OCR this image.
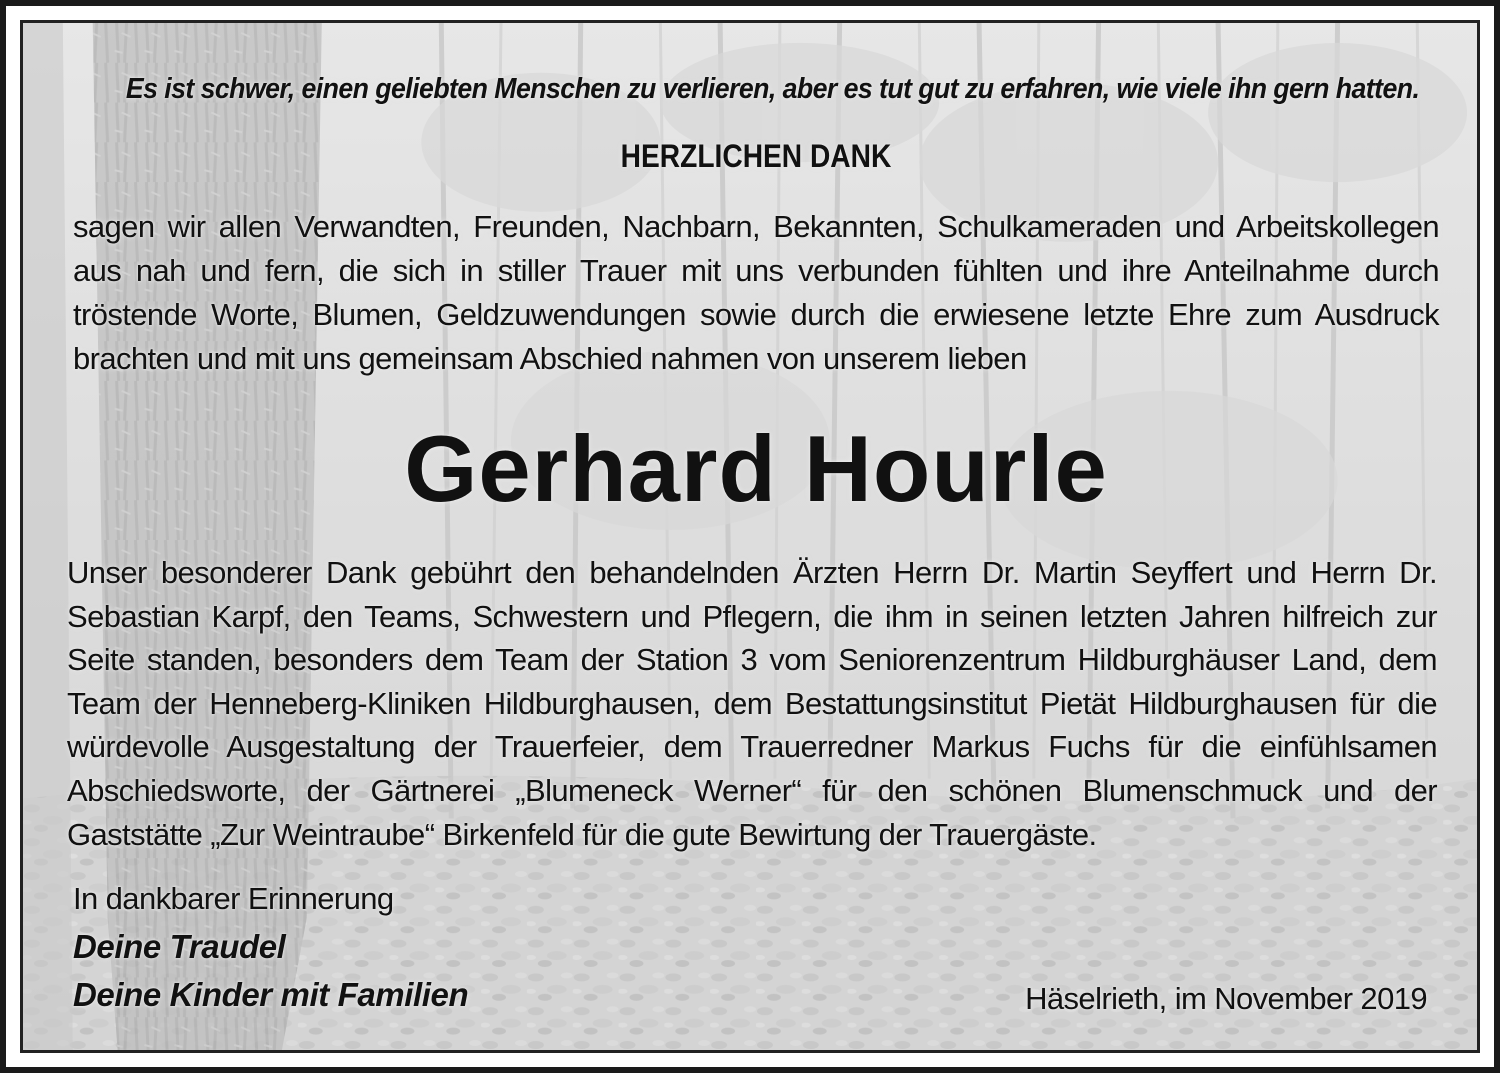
Es ist schwer, einen geliebten Menschen zu verlieren, aber es tut gut zu erfahren, wie viele ihn gern hatten.
HERZLICHEN DANK
sagen wir allen Verwandten, Freunden, Nachbarn, Bekannten, Schulkameraden und Arbeitskollegen aus nah und fern, die sich in stiller Trauer mit uns verbunden fühlten und ihre Anteilnahme durch tröstende Worte, Blumen, Geldzuwendungen sowie durch die erwiesene letzte Ehre zum Ausdruck brachten und mit uns gemeinsam Abschied nahmen von unserem lieben
Gerhard Hourle
Unser besonderer Dank gebührt den behandelnden Ärzten Herrn Dr. Martin Seyffert und Herrn Dr. Sebastian Karpf, den Teams, Schwestern und Pflegern, die ihm in seinen letzten Jahren hilfreich zur Seite standen, besonders dem Team der Station 3 vom Seniorenzentrum Hildburghäuser Land, dem Team der Henneberg-Kliniken Hildburghausen, dem Bestattungsinstitut Pietät Hildburghausen für die würdevolle Ausgestaltung der Trauerfeier, dem Trauerredner Markus Fuchs für die einfühlsamen Abschiedsworte, der Gärtnerei „Blumeneck Werner“ für den schönen Blumenschmuck und der Gaststätte „Zur Weintraube“ Birkenfeld für die gute Bewirtung der Trauergäste.
In dankbarer Erinnerung
Deine Traudel
Deine Kinder mit Familien	Häselrieth, im November 2019
